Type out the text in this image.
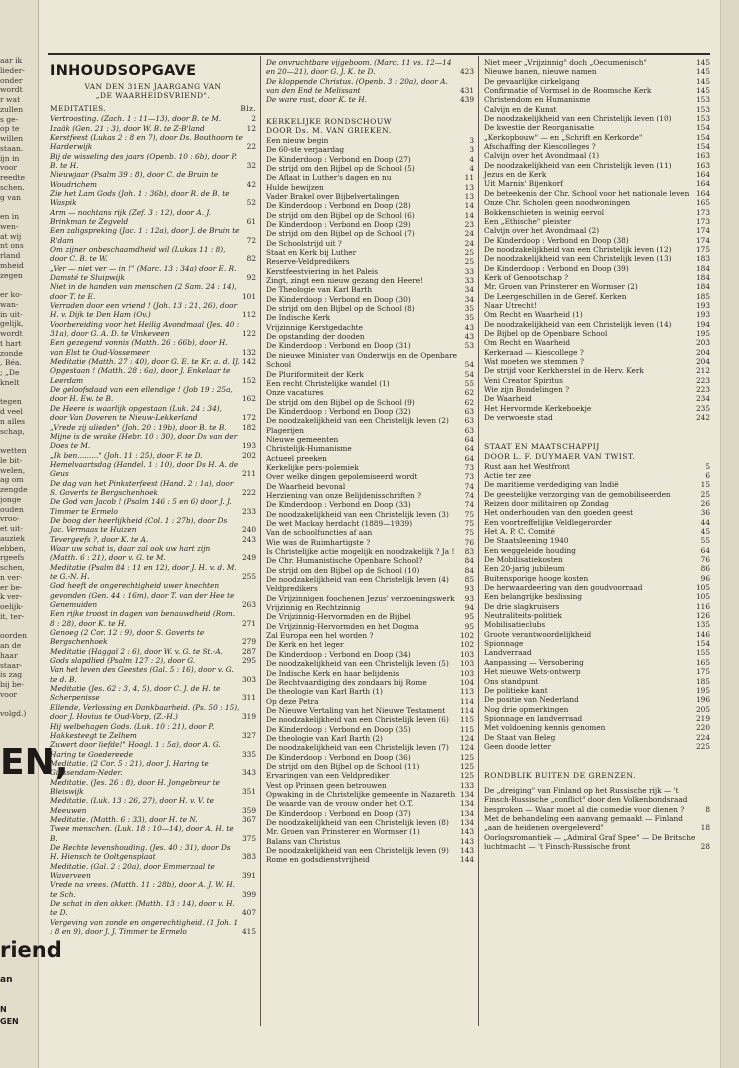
aar ik
lieder-
onder
wordt
r wat
zullen
s ge-
op te
willen
staan.
ijn in
voor
reedte
schen.
g van

en in
wen-
at wij
nt ons
rland
mheid
zegen

er ko-
wan-
in uit-
gelijk,
wordt
t hart
zonde
, Béa.
; „De
knelt

tegen
d veel
n alles
schap,

wetten
le bit-
welen,
ag om
zengde
jonge
ouden
vroo-
et uit-
auziek
ebben,
rgeefs
schen,
n ver-
er be-
k ver-
oelijk-
it, ter-

oorden
an de
haar
staar-
is zag
bij be-
voor

volgd.)
EN,
riend
an
N
GEN
INHOUDSOPGAVE
VAN DEN 31EN JAARGANG VAN
„DE WAARHEIDSVRIEND".
MEDITATIES.	Blz.
Vertroosting. (Zach. 1 : 11—13), door B. te M.	2
Izaäk (Gen. 21 : 3), door W. B. te Z-B'land	12
Kerstfeest (Lukas 2 : 8 en 7), door Ds. Bouthoorn te Harderwijk	22
Bij de wisseling des jaars (Openb. 10 : 6b), door P. B. te H.	32
Nieuwjaar (Psalm 39 : 8), door C. de Bruin te Woudrichem	42
Zie het Lam Gods (Joh. 1 : 36b), door R. de B. te Waspik	52
Arm — nochtans rijk (Zef. 3 : 12), door A. J. Brinkman te Zegveld	61
Een zaligspreking (Jac. 1 : 12a), door J. de Bruin te R'dam	72
Om zijner onbeschaamdheid wil (Lukas 11 : 8), door C. B. te W.	82
„Ver — niet ver — in !" (Marc. 13 : 34a) door E. R. Damsté te Sluipwijk	92
Niet in de handen van menschen (2 Sam. 24 : 14), door T. te E.	101
Verraden door een vriend ! (Joh. 13 : 21, 26), door H. v. Dijk te Den Ham (Ov.)	112
Voorbereiding voor het Heilig Avondmaal (Jes. 40 : 31a), door G. A. D. te Vinkeveen	122
Een gezegend vonnis (Matth. 26 : 66b), door H. van Elst te Oud-Vossemeer	132
Meditatie (Matth. 27 : 40), door G. E. te Kr. a. d. IJ. 142
Opgestaan ! (Matth. 28 : 6a), door J. Enkelaar te Leerdam	152
De geloofsdaad van een ellendige ! (Job 19 : 25a, door H. Ew. te B.	162
De Heere is waarlijk opgestaan (Luk. 24 : 34), door Van Doveren te Nieuw-Lekkerland	172
„Vrede zij ulieden" (Joh. 20 : 19b), door B. te B.	182
Mijne is de wrake (Hebr. 10 : 30), door Ds van der Does te M.	193
„Ik ben........." (Joh. 11 : 25), door F. te D.	202
Hemelvaartsdag (Handel. 1 : 10), door Ds H. A. de Geus	211
De dag van het Pinksterfeest (Hand. 2 : 1a), door S. Goverts te Bergschenhoek	222
De God van Jacob ! (Psalm 146 : 5 en 6) door J. J. Timmer te Ermelo	233
De boog der heerlijkheid (Col. 1 : 27b), door Ds Jac. Vermaas te Huizen	240
Tevergeefs ?, door K. te A.	243
Waar uw schat is, daar zal ook uw hart zijn (Matth. 6 : 21), door v. G. te M.	249
Meditatie (Psalm 84 : 11 en 12), door J. H. v. d. M. te G.-N. H.	255
God heeft de ongerechtigheid uwer knechten gevonden (Gen. 44 : 16m), door T. van der Hee te Genemuiden	263
Een rijke troost in dagen van benauwdheid (Rom. 8 : 28), door K. te H.	271
Genoeg (2 Cor. 12 : 9), door S. Goverts te Bergschenhoek	279
Meditatie (Haggaï 2 : 6), door W. v. G. te St.-A.	287
Gods slapdlied (Psalm 127 : 2), door G.	295
Van het leven des Geestes (Gal. 5 : 16), door v. G. te d. B.	303
Meditatie (Jes. 62 : 3, 4, 5), door C. J. de H. te Scherpenisse	311
Ellende, Verlossing en Dankbaarheid. (Ps. 50 : 15), door J. Hovius te Oud-Vorp, (Z.-H.)	319
Hij welbehagen Gods. (Luk. 10 : 21), door P. Hakkesteegt te Zelhem	327
Zuwert door liefde!" Hoogl. 1 : 5a), door A. G. Haring te Goedereede	335
Meditatie. (2 Cor. 5 : 21), door J. Haring te Giessendam-Neder.	343
Meditatie. (Jes. 26 : 8), door H. Jongebreur te Bleiswijk	351
Meditatie. (Luk. 13 : 26, 27), door H. v. V. te Meeuwen	359
Meditatie. (Matth. 6 : 33), door H. te N.	367
Twee menschen. (Luk. 18 : 10—14), door A. H. te B.	375
De Rechte levenshouding. (Jes. 40 : 31), door Ds H. Hiensch te Ooltgensplaat	383
Meditatie. (Gal. 2 : 20a), door Emmerzaal te Waverveen	391
Vrede na vrees. (Matth. 11 : 28b), door A. J. W. H. te Sch.	399
De schat in den akker. (Matth. 13 : 14), door v. H. te D.	407
Vergeving van zonde en ongerechtigheid. (1 Joh. 1 : 8 en 9), door J. J. Timmer te Ermelo	415
De onvruchtbare vijgeboom. (Marc. 11 vs. 12—14 en 20—21), door G. J. K. te D.	423
De kloppende Christus. (Openb. 3 : 20a), door A. van den End te Melissant	431
De ware rust, door K. te H.	439
KERKELIJKE RONDSCHOUW
DOOR Ds. M. VAN GRIEKEN.
Een nieuw begin	3
De 60-ste verjaardag	3
De Kinderdoop : Verbond en Doop (27)	4
De strijd om den Bijbel op de School (5)	4
De Aflaat in Luther's dagen en nu	11
Hulde bewijzen	13
Vader Brakel over Bijbelvertalingen	13
De Kinderdoop : Verbond en Doop (28)	14
De strijd om den Bijbel op de School (6)	14
De Kinderdoop : Verbond en Doop (29)	23
De strijd om den Bijbel op de School (7)	24
De Schoolstrijd uit ?	24
Staat en Kerk bij Luther	25
Reserve-Veldpredikers	25
Kerstfeestviering in het Paleis	33
Zingt, zingt een nieuw gezang den Heere!	33
De Theologie van Karl Barth	34
De Kinderdoop : Verbond en Doop (30)	34
De strijd om den Bijbel op de School (8)	35
De Indische Kerk	35
Vrijzinnige Kerstgedachte	43
De opstanding der dooden	43
De Kinderdoop : Verbond en Doop (31)	53
De nieuwe Minister van Onderwijs en de Openbare School	54
De Pluriformiteit der Kerk	54
Een recht Christelijke wandel (1)	55
Onze vacatures	62
De strijd om den Bijbel op de School (9)	62
De Kinderdoop : Verbond en Doop (32)	63
De noodzakelijkheid van een Christelijk leven (2)	63
Plagerijen	63
Nieuwe gemeenten	64
Christelijk-Humanisme	64
Actueel preeken	64
Kerkelijke pers-polemiek	73
Over welke dingen gepolemiseerd wordt	73
De Waarheid bevonal	74
Herziening van onze Belijdenisschriften ?	74
De Kinderdoop : Verbond en Doop (33)	74
De noodzakelijkheid van een Christelijk leven (3)	75
De wet Mackay herdacht (1889—1939)	75
Van de schoolfuncties af aan	75
Wie was de Ruimhartigste ?	76
Is Christelijke actie mogelijk en noodzakelijk ? Ja !	83
De Chr. Humanistische Openbare School?	84
De strijd om den Bijbel op de School (10)	84
De noodzakelijkheid van een Christelijk leven (4)	85
Veldpredikers	93
De Vrijzinnigen foochenen Jezus' verzoeningswerk	93
Vrijzinnig en Rechtzinnig	94
De Vrijzinnig-Hervormden en de Bijbel	95
De Vrijzinnig-Hervormden en het Dogma	95
Zal Europa een hel worden ?	102
De Kerk en het leger	102
De Kinderdoop : Verbond en Doop (34)	103
De noodzakelijkheid van een Christelijk leven (5)	103
De Indische Kerk en haar belijdenis	103
De Rechtvaardiging des zondaars bij Rome	104
De theologie van Karl Barth (1)	113
Op deze Petra	114
De Nieuwe Vertaling van het Nieuwe Testament	114
De noodzakelijkheid van een Christelijk leven (6)	115
De Kinderdoop : Verbond en Doop (35)	115
De theologie van Karl Barth (2)	124
De noodzakelijkheid van een Christelijk leven (7)	124
De Kinderdoop : Verbond en Doop (36)	125
De strijd om den Bijbel op de School (11)	125
Ervaringen van een Veldprediker	125
Vest op Prinsen geen betrouwen	133
Opwaking in de Christelijke gemeente in Nazareth 134
De waarde van de vrouw onder het O.T.	134
De Kinderdoop : Verbond en Doop (37)	134
De noodzakelijkheid van een Christelijk leven (8)	134
Mr. Groen van Prinsterer en Wormser (1)	143
Balans van Christus	143
De noodzakelijkheid van een Christelijk leven (9)	143
Rome en godsdienstvrijheid	144
Niet meer „Vrijzinnig" doch „Oecumenisch"	145
Nieuwe banen, nieuwe namen	145
De gevaarlijke cirkelgang	145
Confirmatie of Vormsel in de Roomsche Kerk	145
Christendom en Humanisme	153
Calvijn en de Kunst	153
De noodzakelijkheid van een Christelijk leven (10)	153
De kwestie der Reorganisatie	154
„Kerkopbouw" — en „Schrift en Kerkorde"	154
Afschaffing der Kiescolleges ?	154
Calvijn over het Avondmaal (1)	163
De noodzakelijkheid van een Christelijk leven (11)	163
Jezus en de Kerk	164
Uit Marnix' Bijenkorf	164
De beteekenis der Chr. School voor het nationale leven 164
Onze Chr. Scholen geen noodwoningen	165
Bokkenschieten is weinig eervol	173
Een „Ethische" pleister	173
Calvijn over het Avondmaal (2)	174
De Kinderdoop : Verbond en Doop (38)	174
De noodzakelijkheid van een Christelijk leven (12)	175
De noodzakelijkheid van een Christelijk leven (13)	183
De Kinderdoop : Verbond en Doop (39)	184
Kerk of Genootschap ?	184
Mr. Groen van Prinsterer en Wormser (2)	184
De Leergeschillen in de Geref. Kerken	185
Naar Utrecht!	193
Om Recht en Waarheid (1)	193
De noodzakelijkheid van een Christelijk leven (14)	194
De Bijbel op de Openbare School	195
Om Recht en Waarheid	203
Kerkeraad — Kiescollege ?	204
Wat moeten we stemmen ?	204
De strijd voor Kerkherstel in de Herv. Kerk	212
Veni Creator Spiritus	223
Wie zijn Bondelingen ?	223
De Waarheid	234
Het Hervormde Kerkeboekje	235
De verwoeste stad	242
STAAT EN MAATSCHAPPIJ
DOOR L. F. DUYMAER VAN TWIST.
Rust aan het Westfront	5
Actie ter zee	6
De maritieme verdediging van Indië	15
De geestelijke verzorging van de gemobiliseerden	25
Reizen door militairen op Zondag	26
Het onderhouden van den goeden geest	36
Een voortreffelijke Veldlegerorder	44
Het A. P. C. Comité	45
De Staatsleening 1940	55
Een weggeleide houding	64
De Mobilisatiekosten	76
Een 20-jarig jubileum	86
Buitensporige hooge kosten	96
De herwaardeering van den goudvoorraad	105
Een belangrijke beslissing	105
De drie slagkruisers	116
Neutraliteits-politiek	126
Mobilisatieclubs	135
Groote verantwoordelijkheid	146
Spionnage	154
Landverraad	155
Aanpassing — Versobering	165
Het nieuwe Wets-ontwerp	175
Ons standpunt	185
De politieke kant	195
De positie van Nederland	196
Nog drie opmerkingen	205
Spionnage en landverraad	219
Met voldoening kennis genomen	220
De Staat van Beleg	224
Geen doode letter	225
RONDBLIK BUITEN DE GRENZEN.
De „dreiging" van Finland op het Russische rijk — 't Finsch-Russische „conflict" door den Volkenbondsraad besproken — Waar moet al die comedie voor dienen ?	8
Met de behandeling een aanvang gemaakt — Finland „aan de heidenen overgeleverd"	18
Oorlogsromantiek — „Admiral Graf Spee" — De Britsche luchtmacht — 't Finsch-Russische front	28
